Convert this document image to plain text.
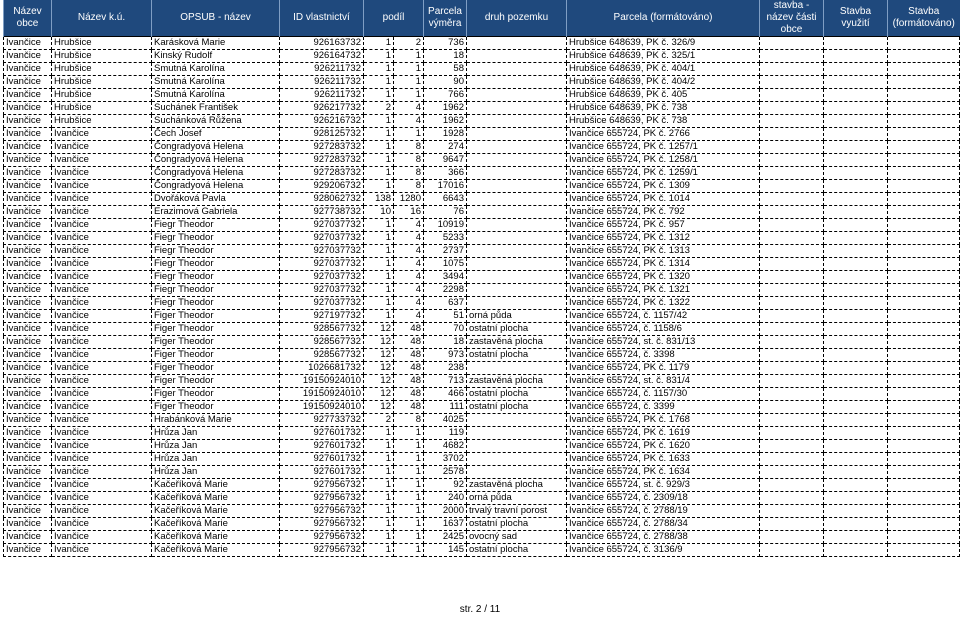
Název obce	Název k.ú.	OPSUB - název	ID vlastnictví	podíl		Parcela výměra	druh pozemku	Parcela (formátováno)	stavba - název části obce	Stavba využití	Stavba (formátováno)
Ivančice	Hrubšice	Karásková Marie	926163732	1	2	736		Hrubšice 648639, PK č. 326/9			
Ivančice	Hrubšice	Kinský Rudolf	926164732	1	1	18		Hrubšice 648639, PK č. 325/1			
Ivančice	Hrubšice	Smutná Karolína	926211732	1	1	58		Hrubšice 648639, PK č. 404/1			
Ivančice	Hrubšice	Smutná Karolína	926211732	1	1	90		Hrubšice 648639, PK č. 404/2			
Ivančice	Hrubšice	Smutná Karolína	926211732	1	1	766		Hrubšice 648639, PK č. 405			
Ivančice	Hrubšice	Suchánek František	926217732	2	4	1962		Hrubšice 648639, PK č. 738			
Ivančice	Hrubšice	Suchánková Růžena	926216732	1	4	1962		Hrubšice 648639, PK č. 738			
Ivančice	Ivančice	Čech Josef	928125732	1	1	1928		Ivančice 655724, PK č. 2766			
Ivančice	Ivančice	Čongradyová Helena	927283732	1	8	274		Ivančice 655724, PK č. 1257/1			
Ivančice	Ivančice	Čongradyová Helena	927283732	1	8	9647		Ivančice 655724, PK č. 1258/1			
Ivančice	Ivančice	Čongradyová Helena	927283732	1	8	366		Ivančice 655724, PK č. 1259/1			
Ivančice	Ivančice	Čongradyová Helena	929206732	1	8	17016		Ivančice 655724, PK č. 1309			
Ivančice	Ivančice	Dvořáková Pavla	928062732	138	1280	6643		Ivančice 655724, PK č. 1014			
Ivančice	Ivančice	Erazimová Gabriela	927738732	10	16	76		Ivančice 655724, PK č. 792			
Ivančice	Ivančice	Fiegr Theodor	927037732	1	4	10919		Ivančice 655724, PK č. 957			
Ivančice	Ivančice	Fiegr Theodor	927037732	1	4	5233		Ivančice 655724, PK č. 1312			
Ivančice	Ivančice	Fiegr Theodor	927037732	1	4	2737		Ivančice 655724, PK č. 1313			
Ivančice	Ivančice	Fiegr Theodor	927037732	1	4	1075		Ivančice 655724, PK č. 1314			
Ivančice	Ivančice	Fiegr Theodor	927037732	1	4	3494		Ivančice 655724, PK č. 1320			
Ivančice	Ivančice	Fiegr Theodor	927037732	1	4	2298		Ivančice 655724, PK č. 1321			
Ivančice	Ivančice	Fiegr Theodor	927037732	1	4	637		Ivančice 655724, PK č. 1322			
Ivančice	Ivančice	Figer Theodor	927197732	1	4	51	orná půda	Ivančice 655724, č. 1157/42			
Ivančice	Ivančice	Figer Theodor	928567732	12	48	70	ostatní plocha	Ivančice 655724, č. 1158/6			
Ivančice	Ivančice	Figer Theodor	928567732	12	48	18	zastavěná plocha	Ivančice 655724, st. č. 831/13			
Ivančice	Ivančice	Figer Theodor	928567732	12	48	973	ostatní plocha	Ivančice 655724, č. 3398			
Ivančice	Ivančice	Figer Theodor	1026681732	12	48	238		Ivančice 655724, PK č. 1179			
Ivančice	Ivančice	Figer Theodor	19150924010	12	48	713	zastavěná plocha	Ivančice 655724, st. č. 831/4			
Ivančice	Ivančice	Figer Theodor	19150924010	12	48	466	ostatní plocha	Ivančice 655724, č. 1157/30			
Ivančice	Ivančice	Figer Theodor	19150924010	12	48	111	ostatní plocha	Ivančice 655724, č. 3399			
Ivančice	Ivančice	Hrabánková Marie	927733732	2	8	4025		Ivančice 655724, PK č. 1768			
Ivančice	Ivančice	Hrůza Jan	927601732	1	1	119		Ivančice 655724, PK č. 1619			
Ivančice	Ivančice	Hrůza Jan	927601732	1	1	4682		Ivančice 655724, PK č. 1620			
Ivančice	Ivančice	Hrůza Jan	927601732	1	1	3702		Ivančice 655724, PK č. 1633			
Ivančice	Ivančice	Hrůza Jan	927601732	1	1	2578		Ivančice 655724, PK č. 1634			
Ivančice	Ivančice	Kačeříková Marie	927956732	1	1	92	zastavěná plocha	Ivančice 655724, st. č. 929/3			
Ivančice	Ivančice	Kačeříková Marie	927956732	1	1	240	orná půda	Ivančice 655724, č. 2309/18			
Ivančice	Ivančice	Kačeříková Marie	927956732	1	1	2000	trvalý travní porost	Ivančice 655724, č. 2788/19			
Ivančice	Ivančice	Kačeříková Marie	927956732	1	1	1637	ostatní plocha	Ivančice 655724, č. 2788/34			
Ivančice	Ivančice	Kačeříková Marie	927956732	1	1	2425	ovocný sad	Ivančice 655724, č. 2788/38			
Ivančice	Ivančice	Kačeříková Marie	927956732	1	1	145	ostatní plocha	Ivančice 655724, č. 3136/9			
str. 2 / 11
